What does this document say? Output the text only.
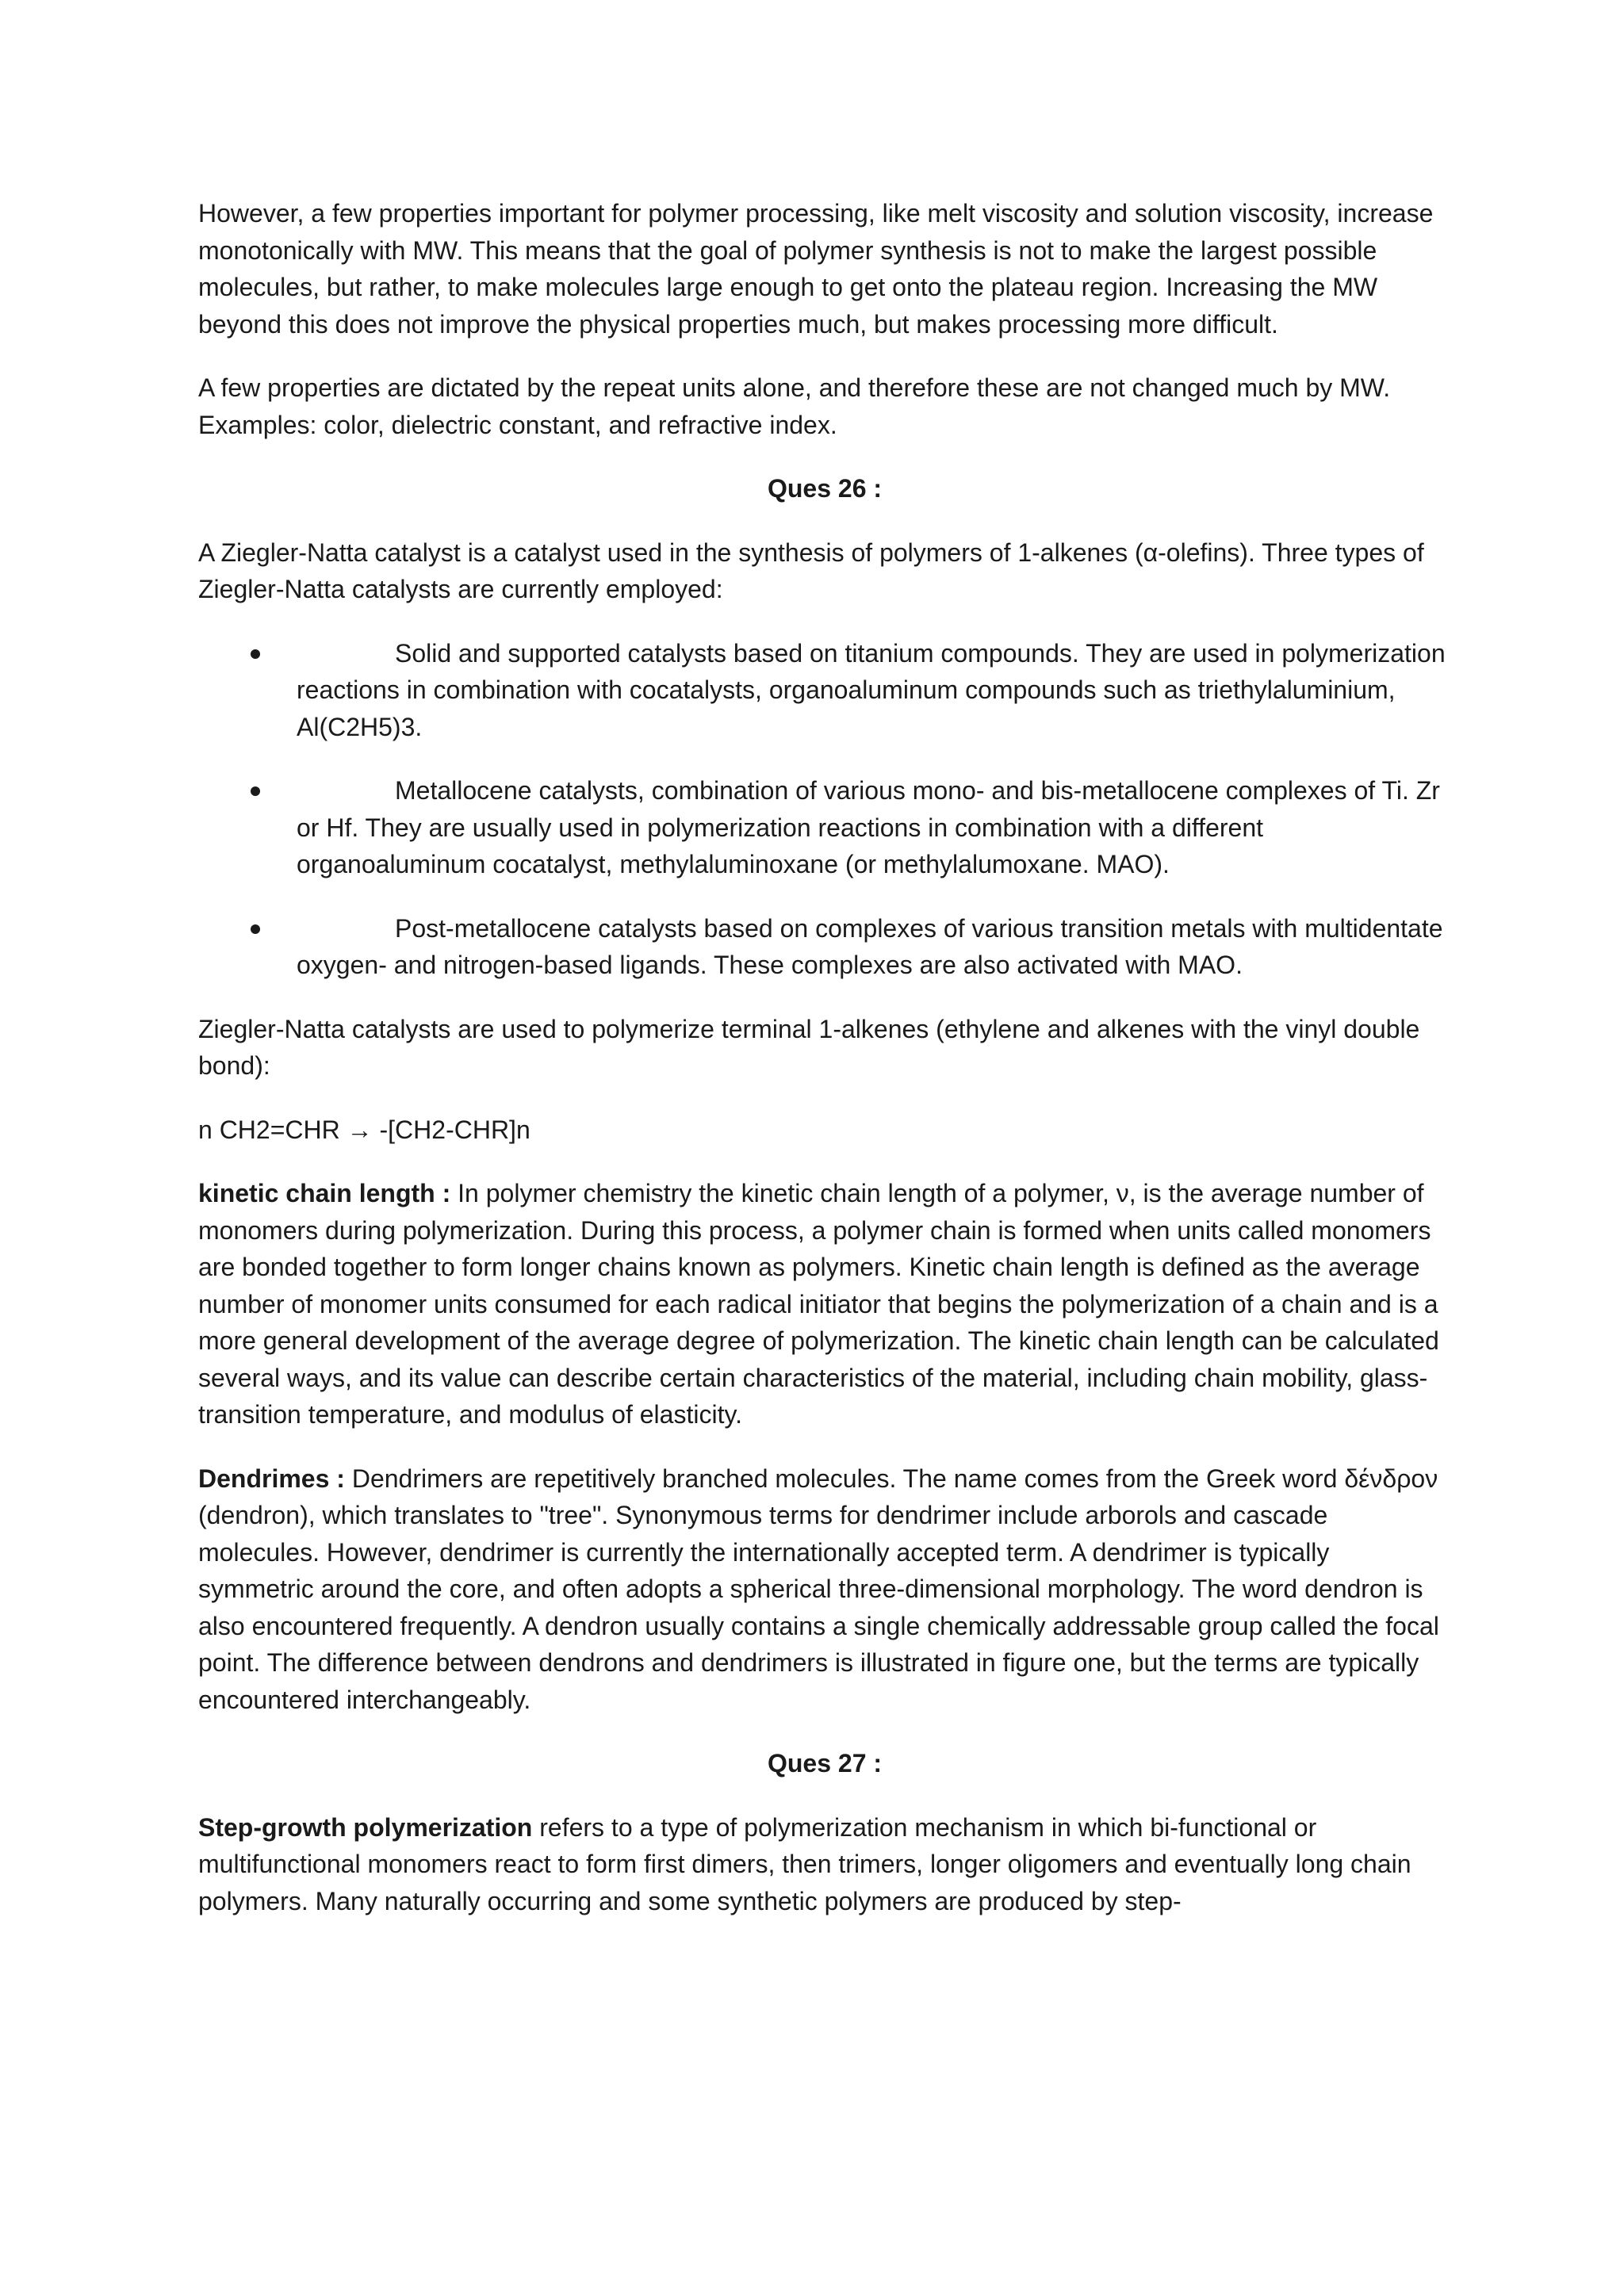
However, a few properties important for polymer processing, like melt viscosity and solution viscosity, increase monotonically with MW. This means that the goal of polymer synthesis is not to make the largest possible molecules, but rather, to make molecules large enough to get onto the plateau region. Increasing the MW beyond this does not improve the physical properties much, but makes processing more difficult.

A few properties are dictated by the repeat units alone, and therefore these are not changed much by MW. Examples: color, dielectric constant, and refractive index.

Ques 26 :

A Ziegler-Natta catalyst is a catalyst used in the synthesis of polymers of 1-alkenes (α-olefins). Three types of Ziegler-Natta catalysts are currently employed:

Solid and supported catalysts based on titanium compounds. They are used in polymerization reactions in combination with cocatalysts, organoaluminum compounds such as triethylaluminium, Al(C2H5)3.
Metallocene catalysts, combination of various mono- and bis-metallocene complexes of Ti. Zr or Hf. They are usually used in polymerization reactions in combination with a different organoaluminum cocatalyst, methylaluminoxane (or methylalumoxane. MAO).
Post-metallocene catalysts based on complexes of various transition metals with multidentate oxygen- and nitrogen-based ligands. These complexes are also activated with MAO.

Ziegler-Natta catalysts are used to polymerize terminal 1-alkenes (ethylene and alkenes with the vinyl double bond):

n CH2=CHR → -[CH2-CHR]n

kinetic chain length : In polymer chemistry the kinetic chain length of a polymer, ν, is the average number of monomers during polymerization. During this process, a polymer chain is formed when units called monomers are bonded together to form longer chains known as polymers. Kinetic chain length is defined as the average number of monomer units consumed for each radical initiator that begins the polymerization of a chain and is a more general development of the average degree of polymerization. The kinetic chain length can be calculated several ways, and its value can describe certain characteristics of the material, including chain mobility, glass-transition temperature, and modulus of elasticity.

Dendrimes : Dendrimers are repetitively branched molecules. The name comes from the Greek word δένδρον (dendron), which translates to "tree". Synonymous terms for dendrimer include arborols and cascade molecules. However, dendrimer is currently the internationally accepted term. A dendrimer is typically symmetric around the core, and often adopts a spherical three-dimensional morphology. The word dendron is also encountered frequently. A dendron usually contains a single chemically addressable group called the focal point. The difference between dendrons and dendrimers is illustrated in figure one, but the terms are typically encountered interchangeably.

Ques 27 :

Step-growth polymerization refers to a type of polymerization mechanism in which bi-functional or multifunctional monomers react to form first dimers, then trimers, longer oligomers and eventually long chain polymers. Many naturally occurring and some synthetic polymers are produced by step-
